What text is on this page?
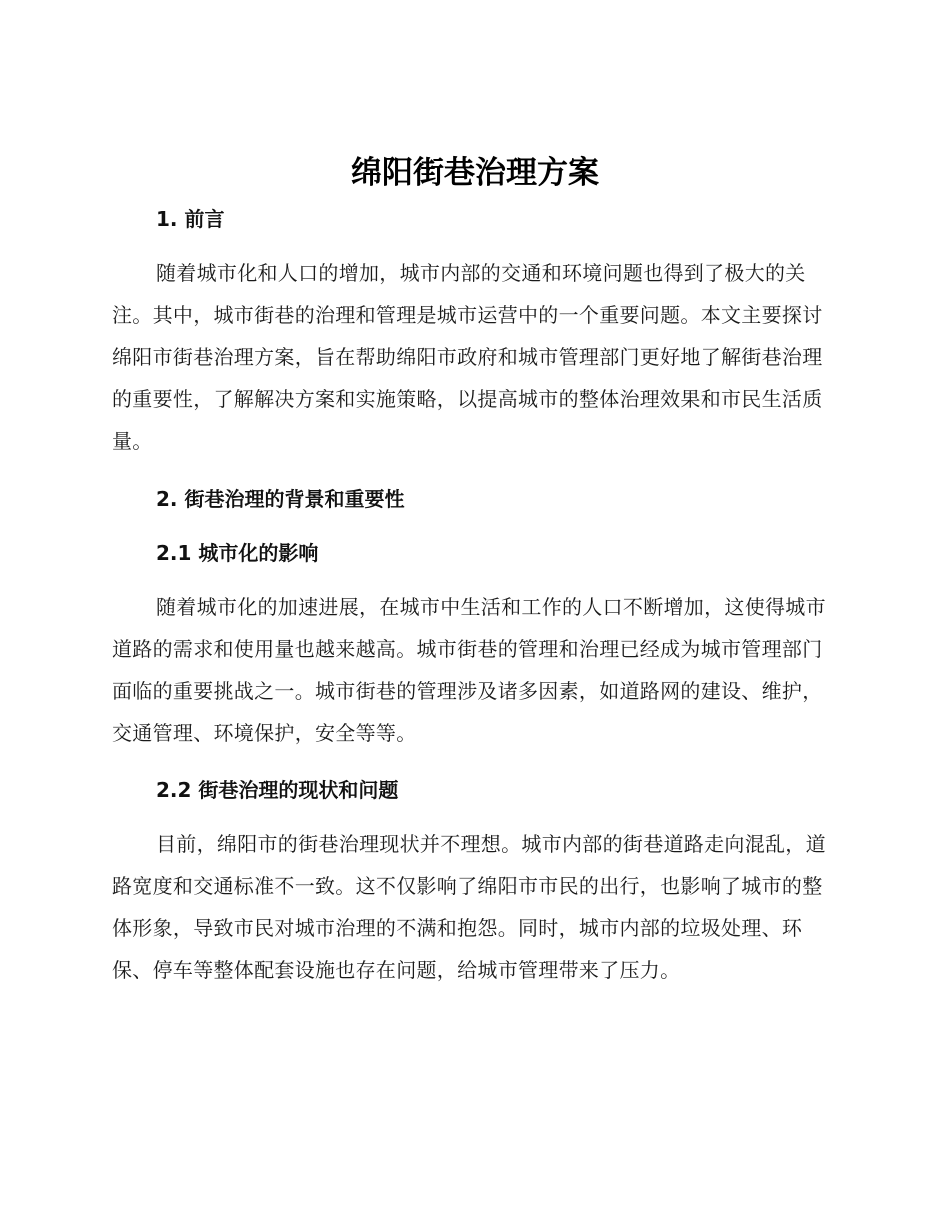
绵阳街巷治理方案
1. 前言

随着城市化和人口的增加，城市内部的交通和环境问题也得到了极大的关注。其中，城市街巷的治理和管理是城市运营中的一个重要问题。本文主要探讨绵阳市街巷治理方案，旨在帮助绵阳市政府和城市管理部门更好地了解街巷治理的重要性，了解解决方案和实施策略，以提高城市的整体治理效果和市民生活质量。

2. 街巷治理的背景和重要性
2.1 城市化的影响

随着城市化的加速进展，在城市中生活和工作的人口不断增加，这使得城市道路的需求和使用量也越来越高。城市街巷的管理和治理已经成为城市管理部门面临的重要挑战之一。城市街巷的管理涉及诸多因素，如道路网的建设、维护，交通管理、环境保护，安全等等。

2.2 街巷治理的现状和问题

目前，绵阳市的街巷治理现状并不理想。城市内部的街巷道路走向混乱，道路宽度和交通标准不一致。这不仅影响了绵阳市市民的出行，也影响了城市的整体形象，导致市民对城市治理的不满和抱怨。同时，城市内部的垃圾处理、环保、停车等整体配套设施也存在问题，给城市管理带来了压力。
